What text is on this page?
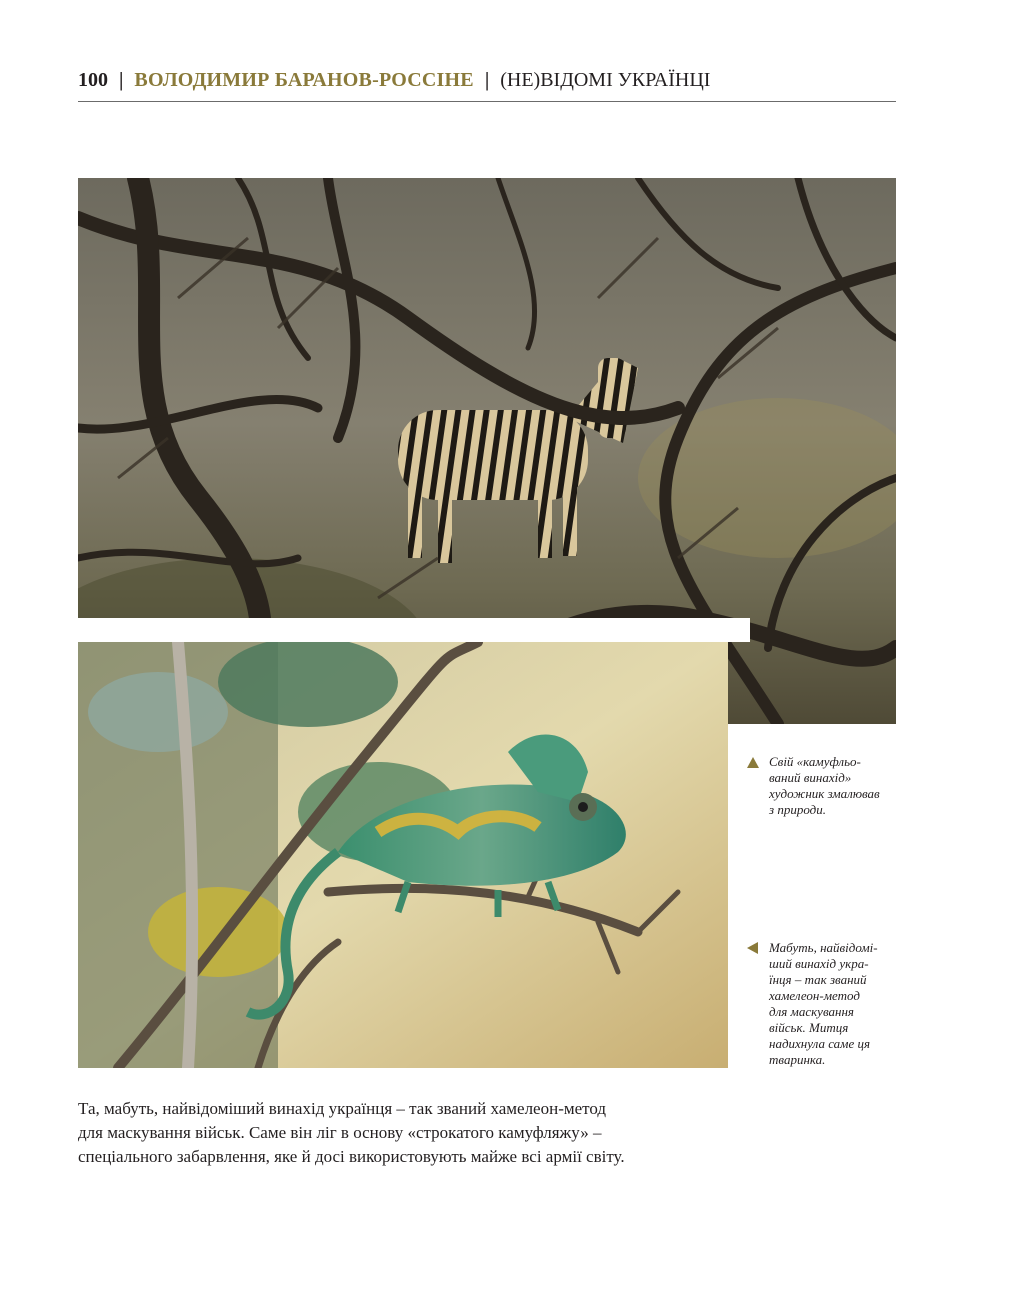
100 | ВОЛОДИМИР БАРАНОВ-РОССІНЕ | (НЕ)ВІДОМІ УКРАЇНЦІ
Свій «камуфльо-
ваний винахід»
художник змалював
з природи.
Мабуть, найвідомі-
ший винахід укра-
їнця – так званий
хамелеон-метод
для маскування
військ. Митця
надихнула саме ця
тваринка.

Та, мабуть, найвідоміший винахід українця – так званий хамелеон-метод

для маскування військ. Саме він ліг в основу «строкатого камуфляжу» –

спеціального забарвлення, яке й досі використовують майже всі армії світу.
